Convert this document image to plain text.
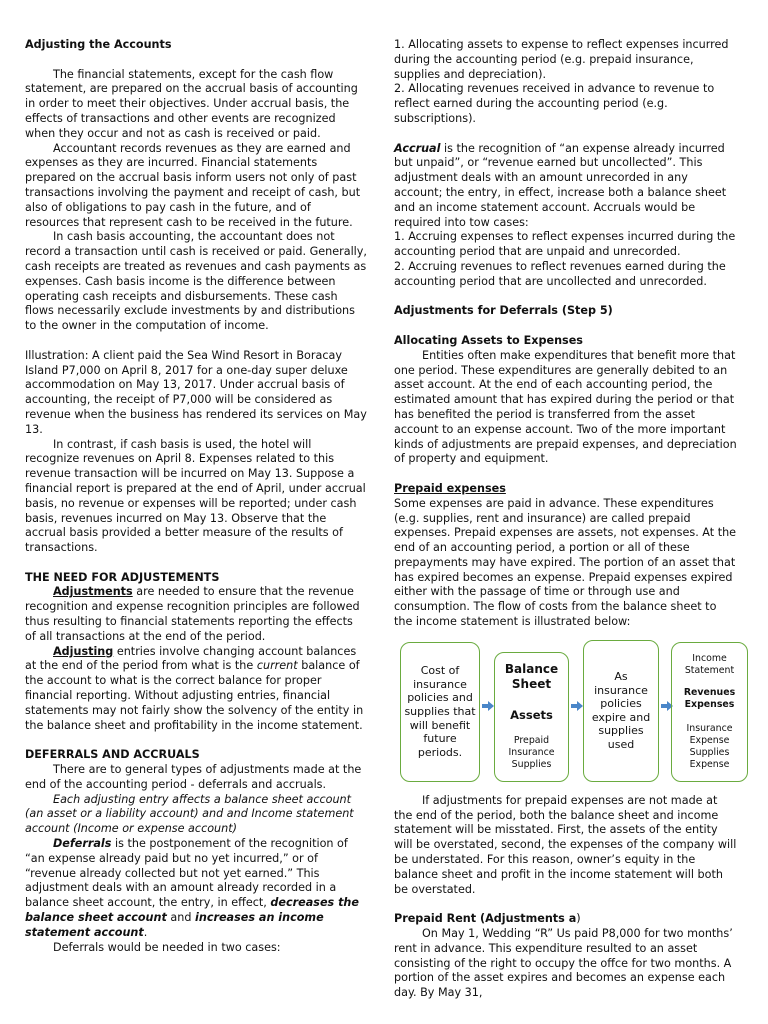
Adjusting the Accounts

The financial statements, except for the cash flow statement, are prepared on the accrual basis of accounting in order to meet their objectives. Under accrual basis, the effects of transactions and other events are recognized when they occur and not as cash is received or paid.

Accountant records revenues as they are earned and expenses as they are incurred. Financial statements prepared on the accrual basis inform users not only of past transactions involving the payment and receipt of cash, but also of obligations to pay cash in the future, and of resources that represent cash to be received in the future.

In cash basis accounting, the accountant does not record a transaction until cash is received or paid. Generally, cash receipts are treated as revenues and cash payments as expenses. Cash basis income is the difference between operating cash receipts and disbursements. These cash flows necessarily exclude investments by and distributions to the owner in the computation of income.

Illustration: A client paid the Sea Wind Resort in Boracay Island P7,000 on April 8, 2017 for a one-day super deluxe accommodation on May 13, 2017. Under accrual basis of accounting, the receipt of P7,000 will be considered as revenue when the business has rendered its services on May 13.

In contrast, if cash basis is used, the hotel will recognize revenues on April 8. Expenses related to this revenue transaction will be incurred on May 13. Suppose a financial report is prepared at the end of April, under accrual basis, no revenue or expenses will be reported; under cash basis, revenues incurred on May 13. Observe that the accrual basis provided a better measure of the results of transactions.

THE NEED FOR ADJUSTEMENTS

Adjustments are needed to ensure that the revenue recognition and expense recognition principles are followed thus resulting to financial statements reporting the effects of all transactions at the end of the period.

Adjusting entries involve changing account balances at the end of the period from what is the current balance of the account to what is the correct balance for proper financial reporting. Without adjusting entries, financial statements may not fairly show the solvency of the entity in the balance sheet and profitability in the income statement.

DEFERRALS AND ACCRUALS

There are to general types of adjustments made at the end of the accounting period - deferrals and accruals.

Each adjusting entry affects a balance sheet account (an asset or a liability account) and and Income statement account (Income or expense account)

Deferrals is the postponement of the recognition of “an expense already paid but no yet incurred,” or of “revenue already collected but not yet earned.” This adjustment deals with an amount already recorded in a balance sheet account, the entry, in effect, decreases the balance sheet account and increases an income statement account.

Deferrals would be needed in two cases:

1. Allocating assets to expense to reflect expenses incurred during the accounting period (e.g. prepaid insurance, supplies and depreciation).

2. Allocating revenues received in advance to revenue to reflect earned during the accounting period (e.g. subscriptions).

Accrual is the recognition of “an expense already incurred but unpaid”, or “revenue earned but uncollected”. This adjustment deals with an amount unrecorded in any account; the entry, in effect, increase both a balance sheet and an income statement account. Accruals would be required into tow cases:

1. Accruing expenses to reflect expenses incurred during the accounting period that are unpaid and unrecorded.

2. Accruing revenues to reflect revenues earned during the accounting period that are uncollected and unrecorded.

Adjustments for Deferrals (Step 5)

Allocating Assets to Expenses

Entities often make expenditures that benefit more that one period. These expenditures are generally debited to an asset account. At the end of each accounting period, the estimated amount that has expired during the period or that has benefited the period is transferred from the asset account to an expense account. Two of the more important kinds of adjustments are prepaid expenses, and depreciation of property and equipment.

Prepaid expenses

Some expenses are paid in advance. These expenditures (e.g. supplies, rent and insurance) are called prepaid expenses. Prepaid expenses are assets, not expenses. At the end of an accounting period, a portion or all of these prepayments may have expired. The portion of an asset that has expired becomes an expense. Prepaid expenses expired either with the passage of time or through use and consumption. The flow of costs from the balance sheet to the income statement is illustrated below:

Cost of insurance policies and supplies that will benefit future periods.
Balance
Sheet
Assets
Prepaid Insurance Supplies
As insurance policies expire and supplies used
Income Statement
Revenues
Expenses
Insurance Expense Supplies Expense

If adjustments for prepaid expenses are not made at the end of the period, both the balance sheet and income statement will be misstated. First, the assets of the entity will be overstated, second, the expenses of the company will be understated. For this reason, owner’s equity in the balance sheet and profit in the income statement will both be overstated.

Prepaid Rent (Adjustments a)

On May 1, Wedding “R” Us paid P8,000 for two months’ rent in advance. This expenditure resulted to an asset consisting of the right to occupy the offce for two months. A portion of the asset expires and becomes an expense each day. By May 31,
